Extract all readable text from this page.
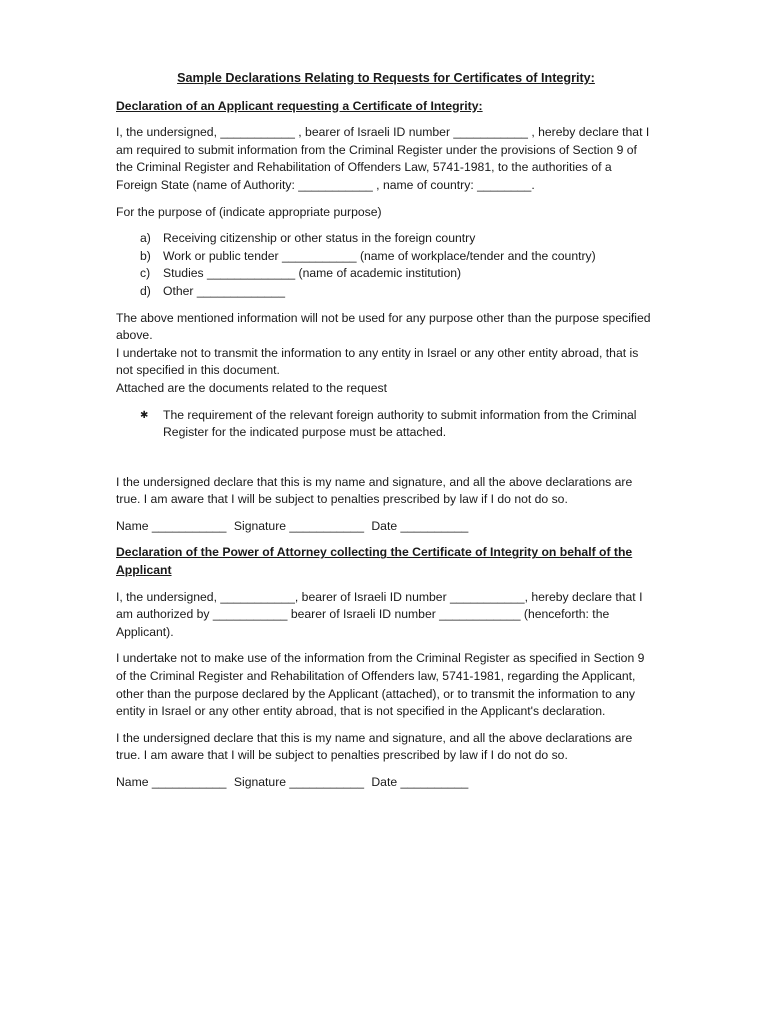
Sample Declarations Relating to Requests for Certificates of Integrity:
Declaration of an Applicant requesting a Certificate of Integrity:

I, the undersigned, ___________ , bearer of Israeli ID number ___________ , hereby declare that I am required to submit information from the Criminal Register under the provisions of Section 9 of the Criminal Register and Rehabilitation of Offenders Law, 5741-1981, to the authorities of a Foreign State (name of Authority: ___________ , name of country: ________.

For the purpose of (indicate appropriate purpose)

a) Receiving citizenship or other status in the foreign country
b) Work or public tender ___________ (name of workplace/tender and the country)
c)	Studies _____________ (name of academic institution)
d) Other _____________

The above mentioned information will not be used for any purpose other than the purpose specified above.

I undertake not to transmit the information to any entity in Israel or any other entity abroad, that is not specified in this document.

Attached are the documents related to the request

✱	The requirement of the relevant foreign authority to submit information from the Criminal Register for the indicated purpose must be attached.

I the undersigned declare that this is my name and signature, and all the above declarations are true. I am aware that I will be subject to penalties prescribed by law if I do not do so.

Name ___________ Signature ___________ Date __________

Declaration of the Power of Attorney collecting the Certificate of Integrity on behalf of the Applicant

I, the undersigned, ___________, bearer of Israeli ID number ___________, hereby declare that I am authorized by ___________ bearer of Israeli ID number ____________ (henceforth: the Applicant).

I undertake not to make use of the information from the Criminal Register as specified in Section 9 of the Criminal Register and Rehabilitation of Offenders law, 5741-1981, regarding the Applicant, other than the purpose declared by the Applicant (attached), or to transmit the information to any entity in Israel or any other entity abroad, that is not specified in the Applicant's declaration.

I the undersigned declare that this is my name and signature, and all the above declarations are true. I am aware that I will be subject to penalties prescribed by law if I do not do so.

Name ___________ Signature ___________ Date __________
